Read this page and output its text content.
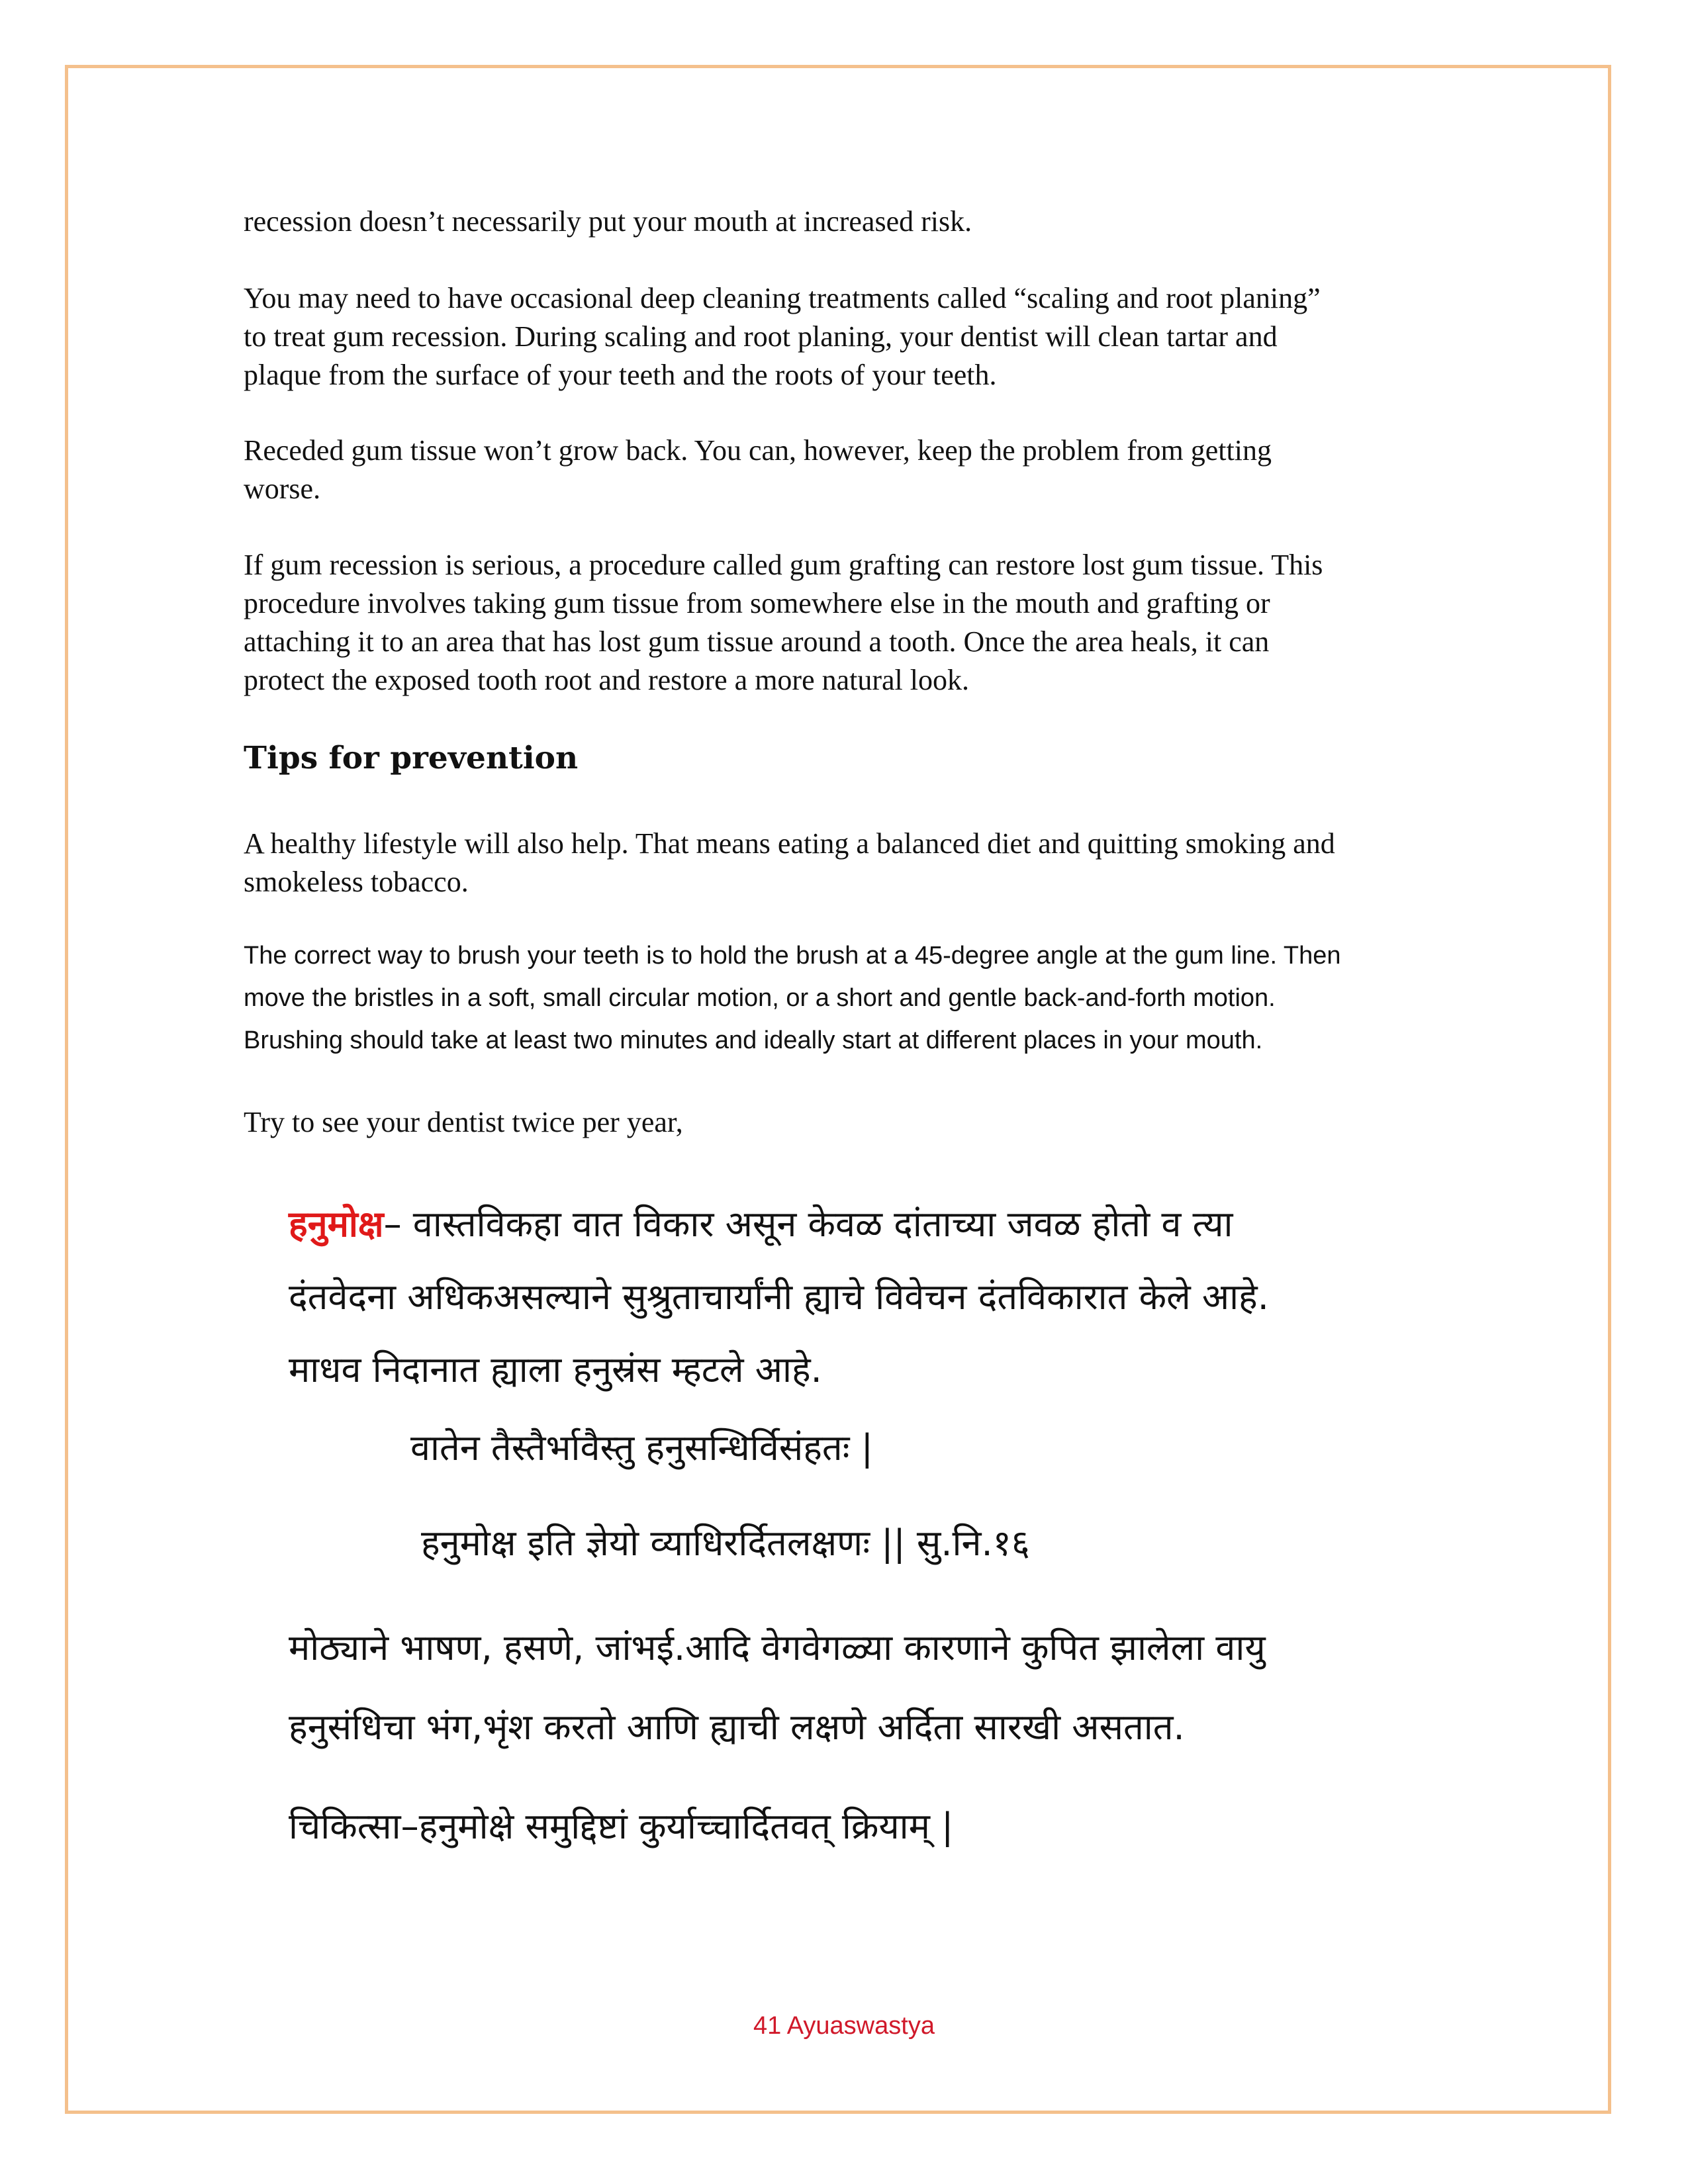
recession doesn’t necessarily put your mouth at increased risk.

You may need to have occasional deep cleaning treatments called “scaling and root planing”

to treat gum recession. During scaling and root planing, your dentist will clean tartar and

plaque from the surface of your teeth and the roots of your teeth.

Receded gum tissue won’t grow back. You can, however, keep the problem from getting

worse.

If gum recession is serious, a procedure called gum grafting can restore lost gum tissue. This

procedure involves taking gum tissue from somewhere else in the mouth and grafting or

attaching it to an area that has lost gum tissue around a tooth. Once the area heals, it can

protect the exposed tooth root and restore a more natural look.

Tips for prevention

A healthy lifestyle will also help. That means eating a balanced diet and quitting smoking and

smokeless tobacco.

The correct way to brush your teeth is to hold the brush at a 45-degree angle at the gum line. Then

move the bristles in a soft, small circular motion, or a short and gentle back-and-forth motion.

Brushing should take at least two minutes and ideally start at different places in your mouth.

Try to see your dentist twice per year,

हनुमोक्ष– वास्तविकहा वात विकार असून केवळ दांताच्या जवळ होतो व त्या

दंतवेदना अधिकअसल्याने सुश्रुताचार्यांनी ह्याचे विवेचन दंतविकारात केले आहे.

माधव निदानात ह्याला हनुस्रंस म्हटले आहे.

वातेन तैस्तैर्भावैस्तु हनुसन्धिर्विसंहतः |

हनुमोक्ष इति ज्ञेयो व्याधिरर्दितलक्षणः || सु.नि.१६

मोठ्याने भाषण, हसणे, जांभई.आदि वेगवेगळ्या कारणाने कुपित झालेला वायु

हनुसंधिचा भंग,भृंश करतो आणि ह्याची लक्षणे अर्दिता सारखी असतात.

चिकित्सा–हनुमोक्षे समुद्दिष्टां कुर्याच्चार्दितवत् क्रियाम् |

41 Ayuaswastya
